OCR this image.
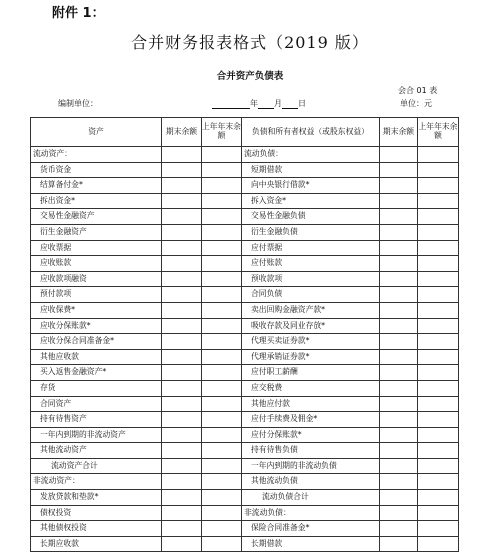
附件 1：
合并财务报表格式（2019 版）
合并资产负债表
会合 01 表
编制单位：	年 月 日	单位：元
资产	期末余额	上年年末余额	负债和所有者权益（或股东权益）	期末余额	上年年末余额
流动资产：			流动负债：		
货币资金			短期借款		
结算备付金*			向中央银行借款*		
拆出资金*			拆入资金*		
交易性金融资产			交易性金融负债		
衍生金融资产			衍生金融负债		
应收票据			应付票据		
应收账款			应付账款		
应收款项融资			预收款项		
预付款项			合同负债		
应收保费*			卖出回购金融资产款*		
应收分保账款*			吸收存款及同业存放*		
应收分保合同准备金*			代理买卖证券款*		
其他应收款			代理承销证券款*		
买入返售金融资产*			应付职工薪酬		
存货			应交税费		
合同资产			其他应付款		
持有待售资产			应付手续费及佣金*		
一年内到期的非流动资产			应付分保账款*		
其他流动资产			持有待售负债		
流动资产合计			一年内到期的非流动负债		
非流动资产：			其他流动负债		
发放贷款和垫款*			流动负债合计		
债权投资			非流动负债：		
其他债权投资			保险合同准备金*		
长期应收款			长期借款		
